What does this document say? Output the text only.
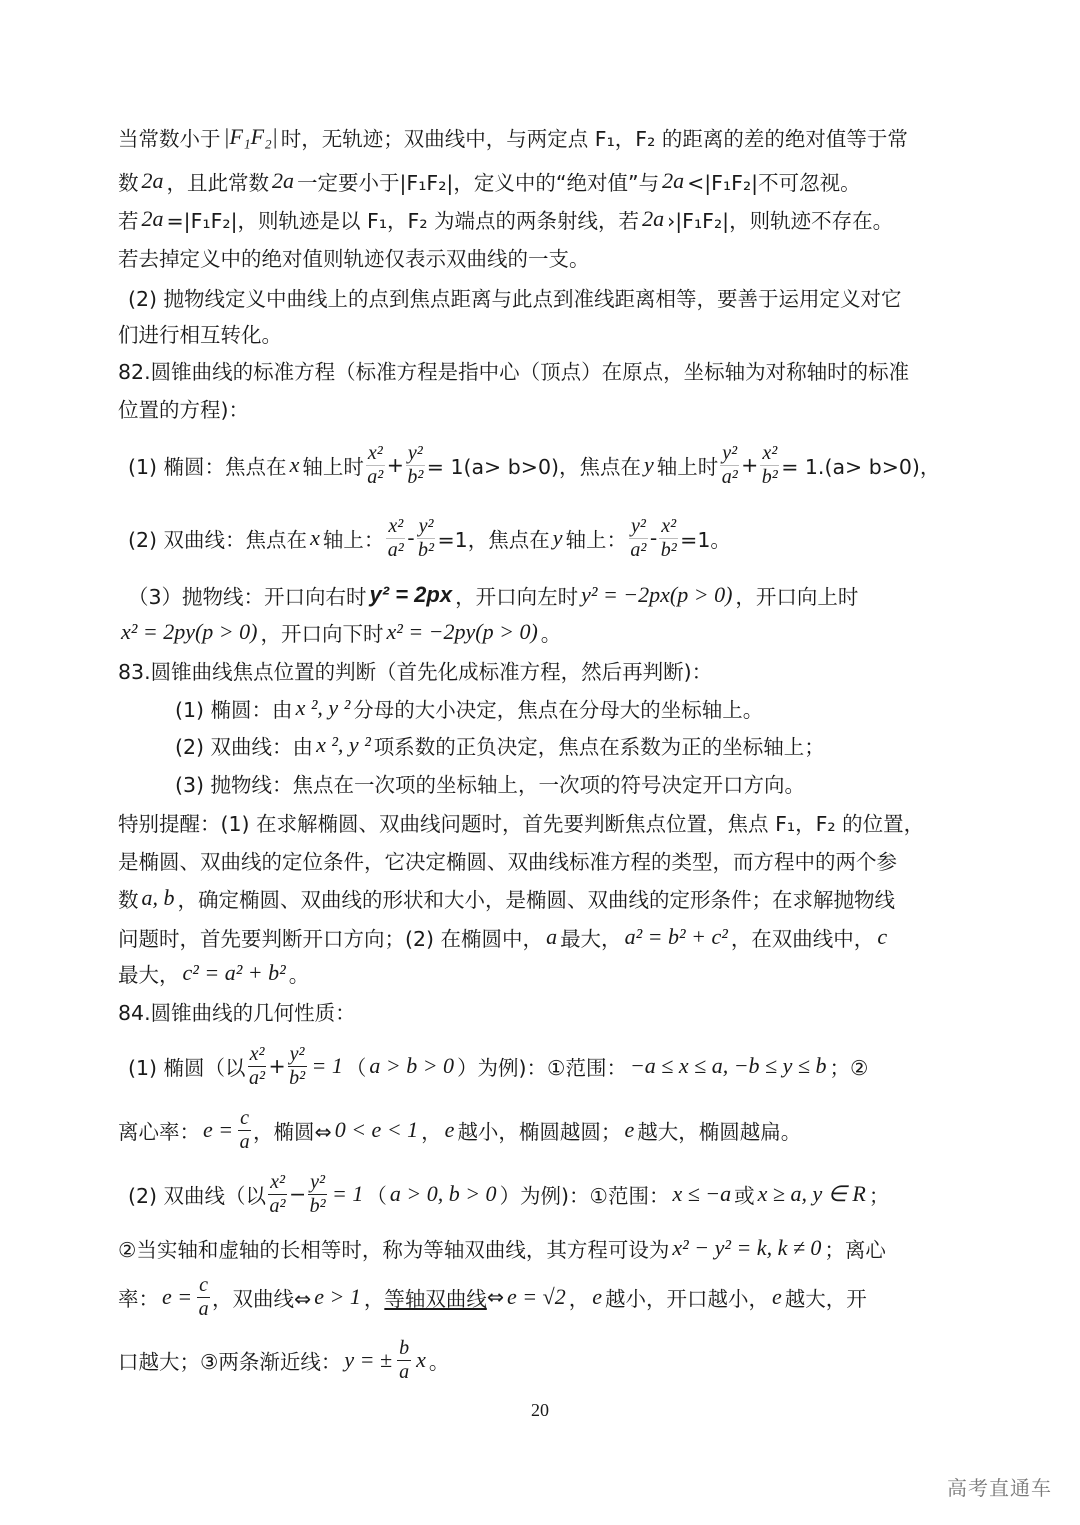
当常数小于 |F₁F₂| 时，无轨迹；双曲线中，与两定点 F₁，F₂ 的距离的差的绝对值等于常
数 2a ，且此常数 2a 一定要小于|F₁F₂|，定义中的“绝对值”与 2a <|F₁F₂|不可忽视。
若 2a =|F₁F₂|，则轨迹是以 F₁，F₂ 为端点的两条射线，若 2a ›|F₁F₂|，则轨迹不存在。
若去掉定义中的绝对值则轨迹仅表示双曲线的一支。
(2) 抛物线定义中曲线上的点到焦点距离与此点到准线距离相等，要善于运用定义对它
们进行相互转化。
82.圆锥曲线的标准方程（标准方程是指中心（顶点）在原点，坐标轴为对称轴时的标准
位置的方程)：
(1) 椭圆：焦点在 x 轴上时 $\frac{\text{x²}}{\text{a²}} + \frac{\text{y²}}{\text{b²}} = 1(a> b>0)$，焦点在 y 轴上时 $\frac{\text{y²}}{\text{a²}} + \frac{\text{x²}}{\text{b²}} = 1.(a> b>0)$，
(2) 双曲线：焦点在 x 轴上： $\frac{\text{x²}}{\text{a²}} - \frac{\text{y²}}{\text{b²}} =1$，焦点在 y 轴上： $\frac{\text{y²}}{\text{a²}} - \frac{\text{x²}}{\text{b²}} =1$。
（3）抛物线：开口向右时 y² = 2px ，开口向左时 y² = −2px(p > 0) ，开口向上时
x² = 2py(p > 0) ，开口向下时 x² = −2py(p > 0) 。
83.圆锥曲线焦点位置的判断（首先化成标准方程，然后再判断)：
(1) 椭圆：由 x ², y ² 分母的大小决定，焦点在分母大的坐标轴上。
(2) 双曲线：由 x ², y ² 项系数的正负决定，焦点在系数为正的坐标轴上；
(3) 抛物线：焦点在一次项的坐标轴上，一次项的符号决定开口方向。
特别提醒：(1) 在求解椭圆、双曲线问题时，首先要判断焦点位置，焦点 F₁，F₂ 的位置，
是椭圆、双曲线的定位条件，它决定椭圆、双曲线标准方程的类型，而方程中的两个参
数 a, b ，确定椭圆、双曲线的形状和大小，是椭圆、双曲线的定形条件；在求解抛物线
问题时，首先要判断开口方向；(2) 在椭圆中， a 最大， a² = b² + c² ，在双曲线中， c
最大， c² = a² + b² 。
84.圆锥曲线的几何性质：
(1) 椭圆（以 $\frac{\text{x²}}{\text{a²}} + \frac{\text{y²}}{\text{b²}} = 1$ （ a > b > 0 ）为例)：①范围： −a ≤ x ≤ a, −b ≤ y ≤ b ；②
离心率： $e = \frac{c}{a}$ ，椭圆⇔ 0 < e < 1 ， e 越小，椭圆越圆； e 越大，椭圆越扁。
(2) 双曲线（以 $\frac{\text{x²}}{\text{a²}} - \frac{\text{y²}}{\text{b²}} = 1$ （ a > 0, b > 0 ）为例)：①范围： x ≤ −a 或 x ≥ a, y ∈ R ；
②当实轴和虚轴的长相等时，称为等轴双曲线，其方程可设为 x² − y² = k, k ≠ 0 ；离心
率： $e = \frac{c}{a}$ ，双曲线⇔ e > 1 ， 等轴双曲线 ⇔ e = √2 ， e 越小，开口越小， e 越大，开
口越大；③两条渐近线： y = ± $\frac{b}{a}$ x 。
20
高考直通车
